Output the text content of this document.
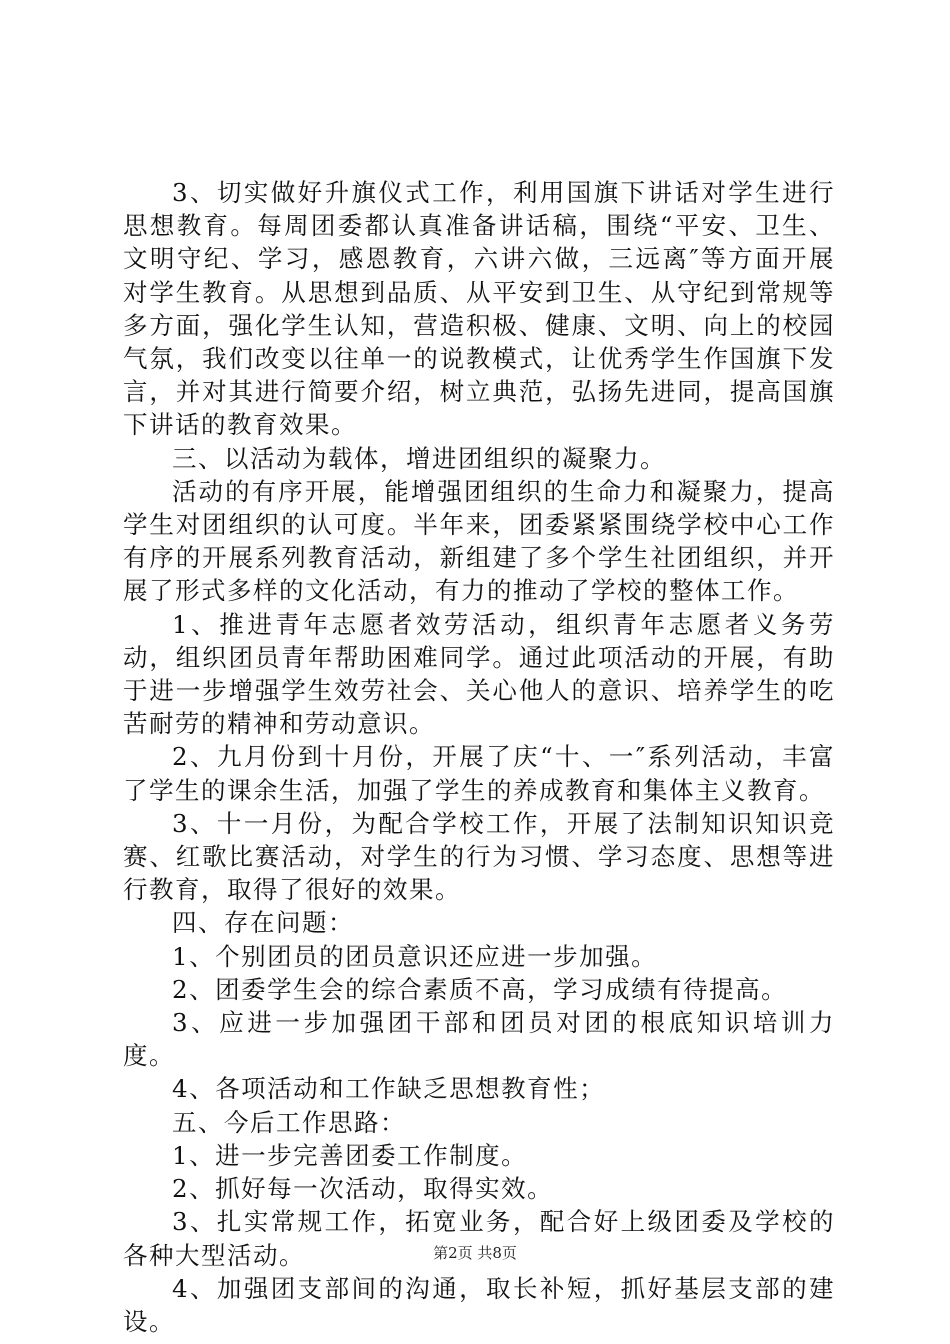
3、切实做好升旗仪式工作，利用国旗下讲话对学生进行思想教育。每周团委都认真准备讲话稿，围绕“平安、卫生、文明守纪、学习，感恩教育，六讲六做，三远离″等方面开展对学生教育。从思想到品质、从平安到卫生、从守纪到常规等多方面，强化学生认知，营造积极、健康、文明、向上的校园气氛，我们改变以往单一的说教模式，让优秀学生作国旗下发言，并对其进行简要介绍，树立典范，弘扬先进同，提高国旗下讲话的教育效果。

三、以活动为载体，增进团组织的凝聚力。

活动的有序开展，能增强团组织的生命力和凝聚力，提高学生对团组织的认可度。半年来，团委紧紧围绕学校中心工作有序的开展系列教育活动，新组建了多个学生社团组织，并开展了形式多样的文化活动，有力的推动了学校的整体工作。

1、推进青年志愿者效劳活动，组织青年志愿者义务劳动，组织团员青年帮助困难同学。通过此项活动的开展，有助于进一步增强学生效劳社会、关心他人的意识、培养学生的吃苦耐劳的精神和劳动意识。

2、九月份到十月份，开展了庆“十、一″系列活动，丰富了学生的课余生活，加强了学生的养成教育和集体主义教育。

3、十一月份，为配合学校工作，开展了法制知识知识竞赛、红歌比赛活动，对学生的行为习惯、学习态度、思想等进行教育，取得了很好的效果。

四、存在问题：

1、个别团员的团员意识还应进一步加强。

2、团委学生会的综合素质不高，学习成绩有待提高。

3、应进一步加强团干部和团员对团的根底知识培训力度。

4、各项活动和工作缺乏思想教育性；

五、今后工作思路：

1、进一步完善团委工作制度。

2、抓好每一次活动，取得实效。

3、扎实常规工作，拓宽业务，配合好上级团委及学校的各种大型活动。

4、加强团支部间的沟通，取长补短，抓好基层支部的建设。

第2页 共8页
